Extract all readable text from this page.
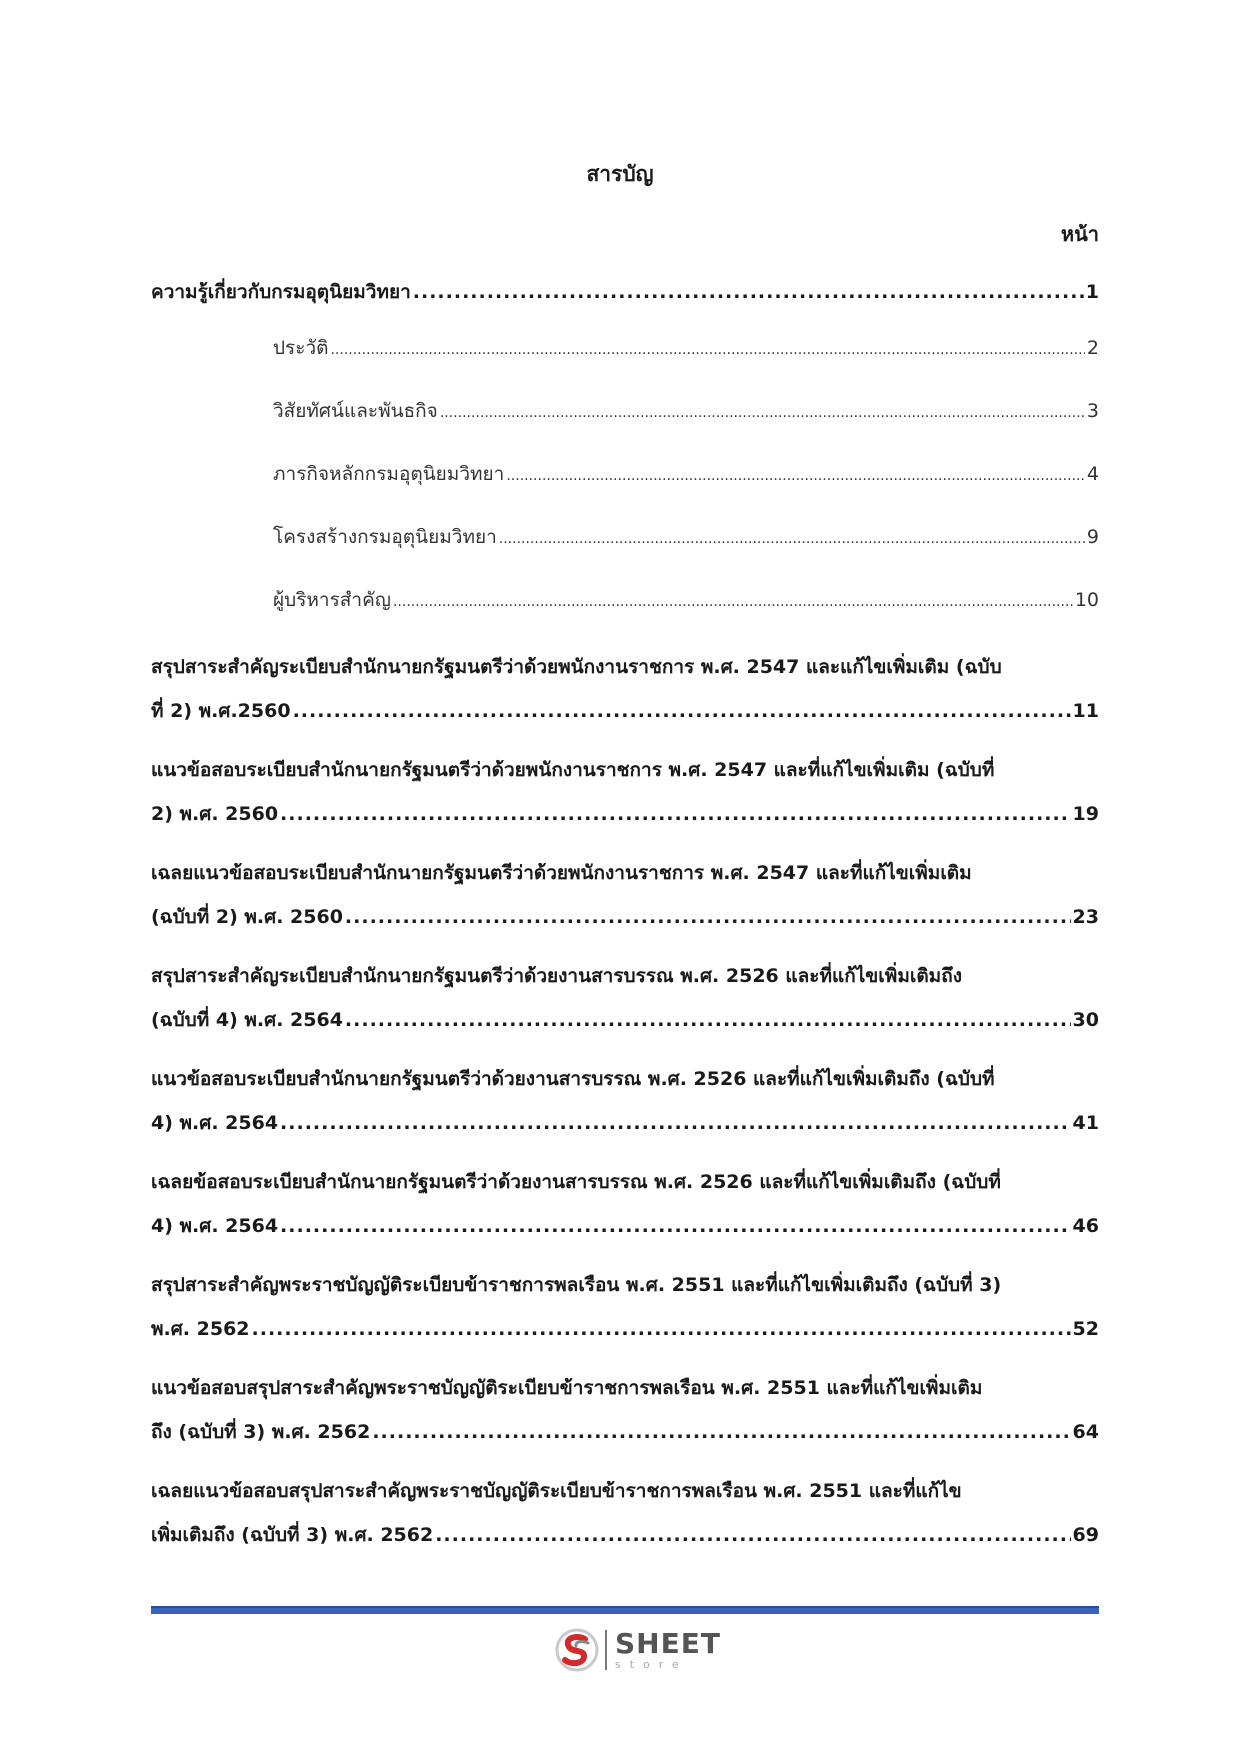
สารบัญ
หน้า
ความรู้เกี่ยวกับกรมอุตุนิยมวิทยา .....	1
ประวัติ .....	2
วิสัยทัศน์และพันธกิจ .....	3
ภารกิจหลักกรมอุตุนิยมวิทยา .....	4
โครงสร้างกรมอุตุนิยมวิทยา .....	9
ผู้บริหารสำคัญ .....	10
สรุปสาระสำคัญระเบียบสำนักนายกรัฐมนตรีว่าด้วยพนักงานราชการ พ.ศ. 2547 และแก้ไขเพิ่มเติม (ฉบับ
ที่ 2) พ.ศ.2560 .....	11
แนวข้อสอบระเบียบสำนักนายกรัฐมนตรีว่าด้วยพนักงานราชการ พ.ศ. 2547 และที่แก้ไขเพิ่มเติม (ฉบับที่
2) พ.ศ. 2560 .....	19
เฉลยแนวข้อสอบระเบียบสำนักนายกรัฐมนตรีว่าด้วยพนักงานราชการ พ.ศ. 2547 และที่แก้ไขเพิ่มเติม
(ฉบับที่ 2) พ.ศ. 2560 .....	23
สรุปสาระสำคัญระเบียบสำนักนายกรัฐมนตรีว่าด้วยงานสารบรรณ พ.ศ. 2526 และที่แก้ไขเพิ่มเติมถึง
(ฉบับที่ 4) พ.ศ. 2564 .....	30
แนวข้อสอบระเบียบสำนักนายกรัฐมนตรีว่าด้วยงานสารบรรณ พ.ศ. 2526 และที่แก้ไขเพิ่มเติมถึง (ฉบับที่
4) พ.ศ. 2564 .....	41
เฉลยข้อสอบระเบียบสำนักนายกรัฐมนตรีว่าด้วยงานสารบรรณ พ.ศ. 2526 และที่แก้ไขเพิ่มเติมถึง (ฉบับที่
4) พ.ศ. 2564 .....	46
สรุปสาระสำคัญพระราชบัญญัติระเบียบข้าราชการพลเรือน พ.ศ. 2551 และที่แก้ไขเพิ่มเติมถึง (ฉบับที่ 3)
พ.ศ. 2562 .....	52
แนวข้อสอบสรุปสาระสำคัญพระราชบัญญัติระเบียบข้าราชการพลเรือน พ.ศ. 2551 และที่แก้ไขเพิ่มเติม
ถึง (ฉบับที่ 3) พ.ศ. 2562 .....	64
เฉลยแนวข้อสอบสรุปสาระสำคัญพระราชบัญญัติระเบียบข้าราชการพลเรือน พ.ศ. 2551 และที่แก้ไข
เพิ่มเติมถึง (ฉบับที่ 3) พ.ศ. 2562 .....	69
SHEET
store
